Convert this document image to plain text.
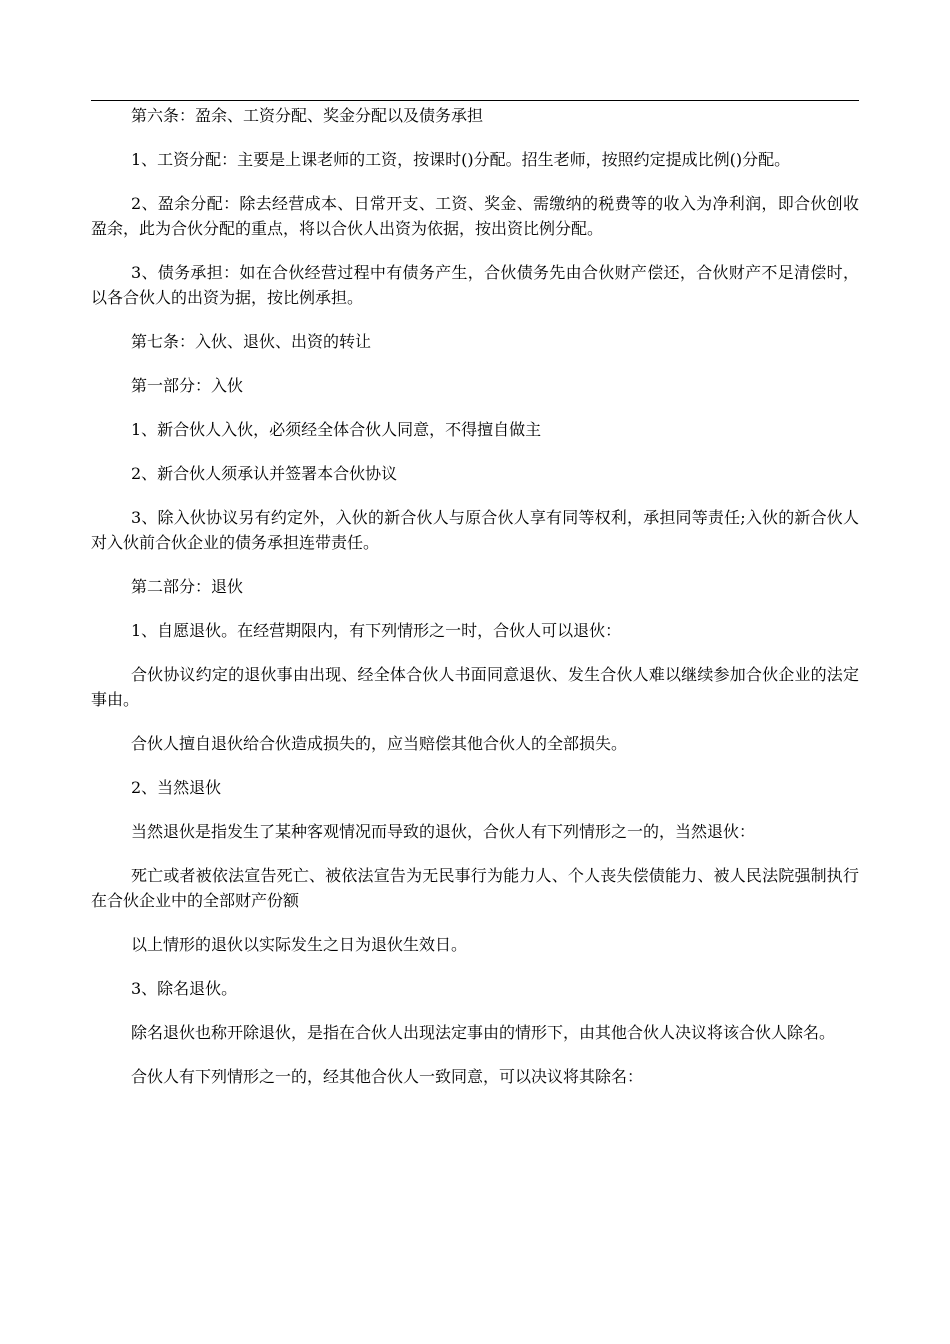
第六条：盈余、工资分配、奖金分配以及债务承担

1、工资分配：主要是上课老师的工资，按课时()分配。招生老师，按照约定提成比例()分配。

2、盈余分配：除去经营成本、日常开支、工资、奖金、需缴纳的税费等的收入为净利润，即合伙创收盈余，此为合伙分配的重点，将以合伙人出资为依据，按出资比例分配。

3、债务承担：如在合伙经营过程中有债务产生，合伙债务先由合伙财产偿还，合伙财产不足清偿时，以各合伙人的出资为据，按比例承担。

第七条：入伙、退伙、出资的转让

第一部分：入伙

1、新合伙人入伙，必须经全体合伙人同意，不得擅自做主

2、新合伙人须承认并签署本合伙协议

3、除入伙协议另有约定外，入伙的新合伙人与原合伙人享有同等权利，承担同等责任;入伙的新合伙人对入伙前合伙企业的债务承担连带责任。

第二部分：退伙

1、自愿退伙。在经营期限内，有下列情形之一时，合伙人可以退伙：

合伙协议约定的退伙事由出现、经全体合伙人书面同意退伙、发生合伙人难以继续参加合伙企业的法定事由。

合伙人擅自退伙给合伙造成损失的，应当赔偿其他合伙人的全部损失。

2、当然退伙

当然退伙是指发生了某种客观情况而导致的退伙，合伙人有下列情形之一的，当然退伙：

死亡或者被依法宣告死亡、被依法宣告为无民事行为能力人、个人丧失偿债能力、被人民法院强制执行在合伙企业中的全部财产份额

以上情形的退伙以实际发生之日为退伙生效日。

3、除名退伙。

除名退伙也称开除退伙，是指在合伙人出现法定事由的情形下，由其他合伙人决议将该合伙人除名。

合伙人有下列情形之一的，经其他合伙人一致同意，可以决议将其除名：
